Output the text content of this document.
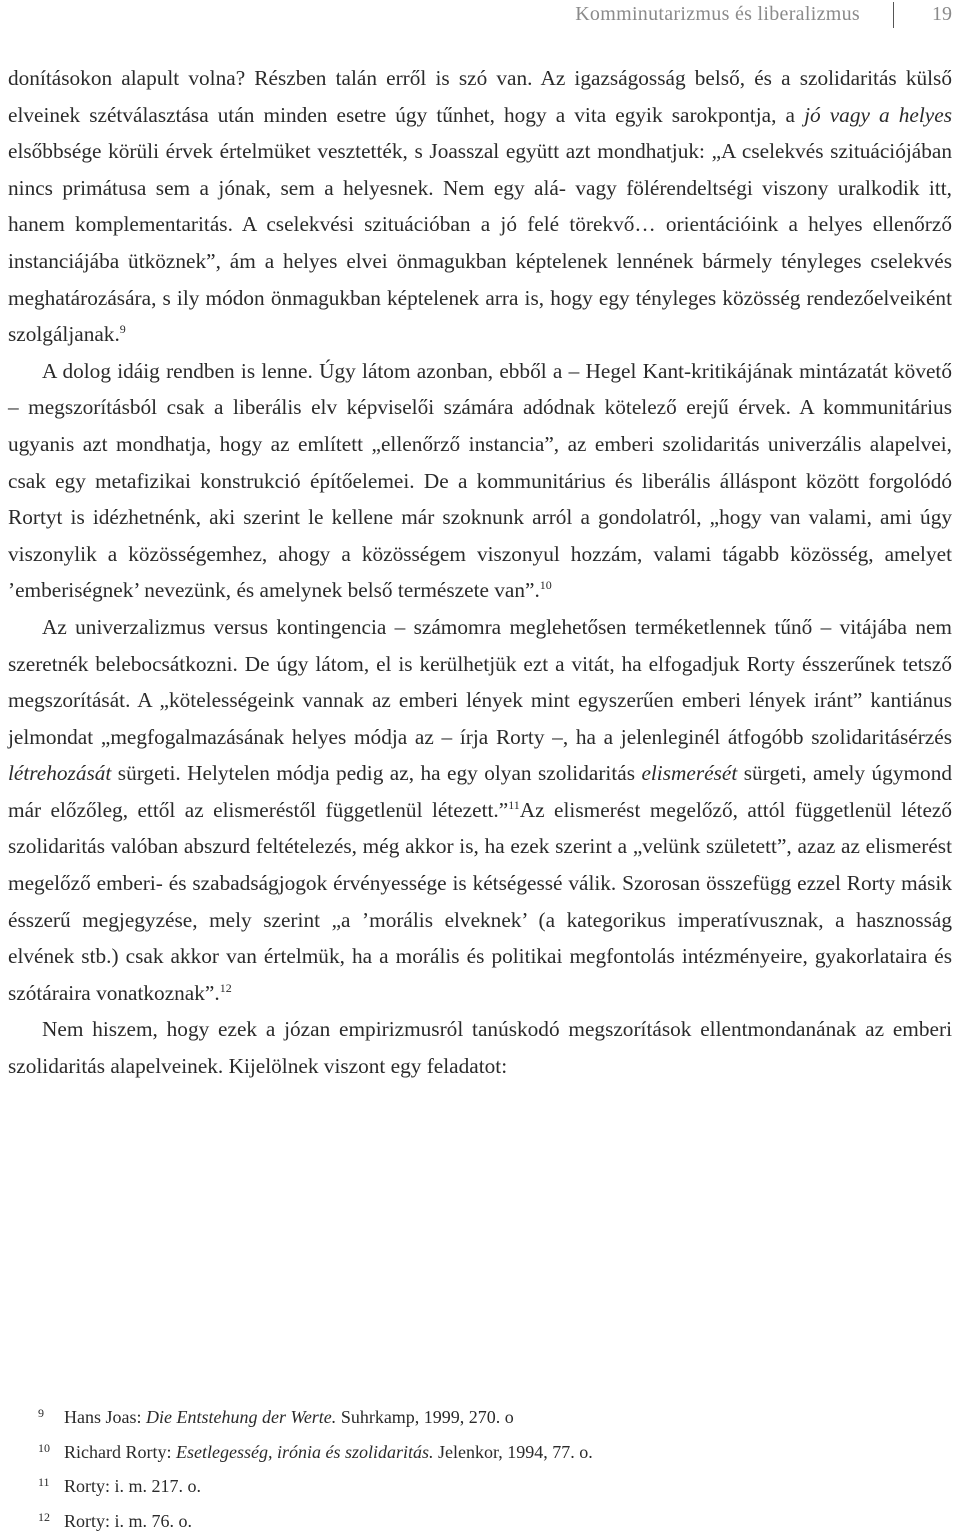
Komminutarizmus és liberalizmus	19

donításokon alapult volna? Részben talán erről is szó van. Az igazságosság belső, és a szolidaritás külső elveinek szétválasztása után minden esetre úgy tűnhet, hogy a vita egyik sarokpontja, a jó vagy a helyes elsőbbsége körüli érvek értelmüket vesztették, s Joasszal együtt azt mondhatjuk: „A cselekvés szituációjában nincs primátusa sem a jónak, sem a helyesnek. Nem egy alá- vagy fölérendeltségi viszony uralkodik itt, hanem komplementaritás. A cselekvési szituációban a jó felé törekvő… orientációink a helyes ellenőrző instanciájába ütköznek”, ám a helyes elvei önmagukban képtelenek lennének bármely tényleges cselekvés meghatározására, s ily módon önmagukban képtelenek arra is, hogy egy tényleges közösség rendezőelveiként szolgáljanak.$^9$

A dolog idáig rendben is lenne. Úgy látom azonban, ebből a – Hegel Kant-kritikájának mintázatát követő – megszorításból csak a liberális elv képviselői számára adódnak kötelező erejű érvek. A kommunitárius ugyanis azt mondhatja, hogy az említett „ellenőrző instancia”, az emberi szolidaritás univerzális alapelvei, csak egy metafizikai konstrukció építőelemei. De a kommunitárius és liberális álláspont között forgolódó Rortyt is idézhetnénk, aki szerint le kellene már szoknunk arról a gondolatról, „hogy van valami, ami úgy viszonylik a közösségemhez, ahogy a közösségem viszonyul hozzám, valami tágabb közösség, amelyet ’emberiségnek’ nevezünk, és amelynek belső természete van”.$^{10}$

Az univerzalizmus versus kontingencia – számomra meglehetősen terméketlennek tűnő – vitájába nem szeretnék belebocsátkozni. De úgy látom, el is kerülhetjük ezt a vitát, ha elfogadjuk Rorty ésszerűnek tetsző megszorítását. A „kötelességeink vannak az emberi lények mint egyszerűen emberi lények iránt” kantiánus jelmondat „megfogalmazásának helyes módja az – írja Rorty –, ha a jelenleginél átfogóbb szolidaritásérzés létrehozását sürgeti. Helytelen módja pedig az, ha egy olyan szolidaritás elismerését sürgeti, amely úgymond már előzőleg, ettől az elismeréstől függetlenül létezett.”$^{11}$Az elismerést megelőző, attól függetlenül létező szolidaritás valóban abszurd feltételezés, még akkor is, ha ezek szerint a „velünk született”, azaz az elismerést megelőző emberi- és szabadságjogok érvényessége is kétségessé válik. Szorosan összefügg ezzel Rorty másik ésszerű megjegyzése, mely szerint „a ’morális elveknek’ (a kategorikus imperatívusznak, a hasznosság elvének stb.) csak akkor van értelmük, ha a morális és politikai megfontolás intézményeire, gyakorlataira és szótáraira vonatkoznak”.$^{12}$

Nem hiszem, hogy ezek a józan empirizmusról tanúskodó megszorítások ellentmondanának az emberi szolidaritás alapelveinek. Kijelölnek viszont egy feladatot:

9 Hans Joas: Die Entstehung der Werte. Suhrkamp, 1999, 270. o
10 Richard Rorty: Esetlegesség, irónia és szolidaritás. Jelenkor, 1994, 77. o.
11 Rorty: i. m. 217. o.
12 Rorty: i. m. 76. o.
